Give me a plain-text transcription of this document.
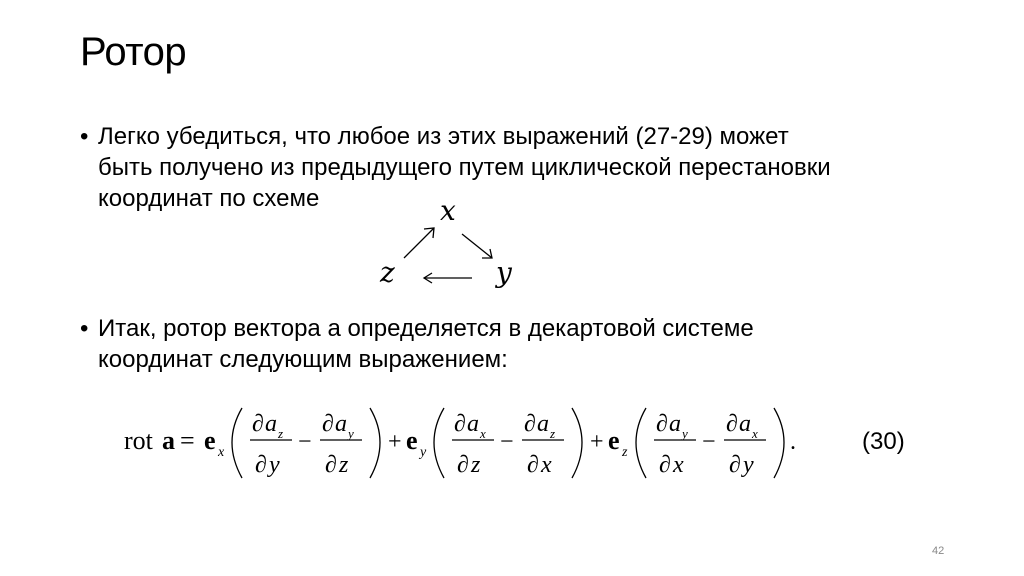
Ротор
• Легко убедиться, что любое из этих выражений (27-29) может
быть получено из предыдущего путем циклической перестановки
координат по схеме	x
y
z
• Итак, ротор вектора а определяется в декартовой системе
координат следующим выражением:
rot a = e x
∂ a z
∂ y
−
∂ a y
∂ z
+ e y
∂ a x
∂ z
−
∂ a z
∂ x
+ e z
∂ a y
∂ x
−
∂ a x
∂ y
.	(30)
42
